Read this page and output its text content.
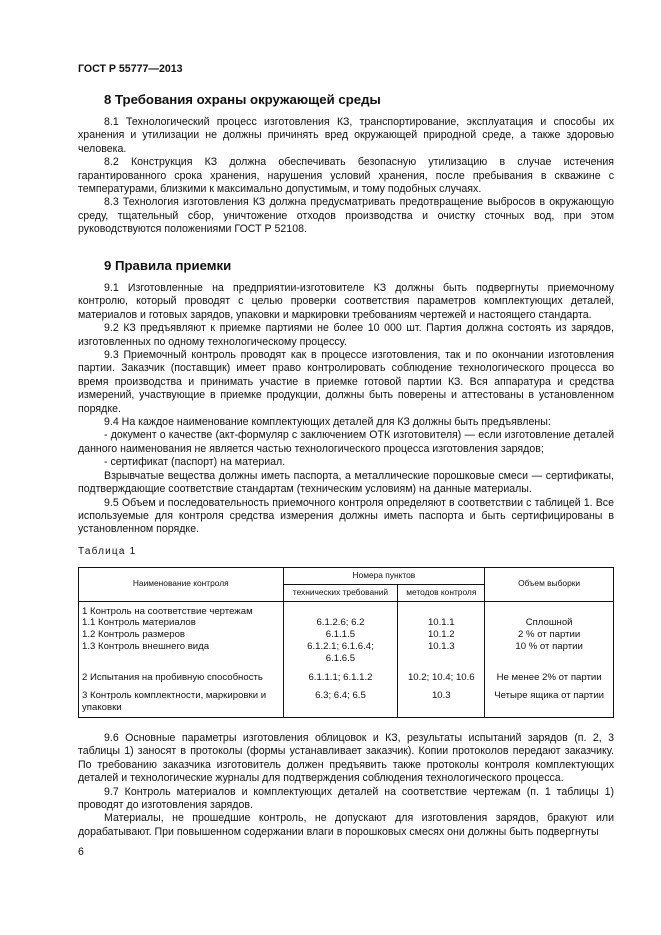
ГОСТ Р 55777—2013
8 Требования охраны окружающей среды

8.1 Технологический процесс изготовления КЗ, транспортирование, эксплуатация и способы их хранения и утилизации не должны причинять вред окружающей природной среде, а также здоровью человека.

8.2 Конструкция КЗ должна обеспечивать безопасную утилизацию в случае истечения гарантированного срока хранения, нарушения условий хранения, после пребывания в скважине с температурами, близкими к максимально допустимым, и тому подобных случаях.

8.3 Технология изготовления КЗ должна предусматривать предотвращение выбросов в окружающую среду, тщательный сбор, уничтожение отходов производства и очистку сточных вод, при этом руководствуются положениями ГОСТ Р 52108.

9 Правила приемки

9.1 Изготовленные на предприятии-изготовителе КЗ должны быть подвергнуты приемочному контролю, который проводят с целью проверки соответствия параметров комплектующих деталей, материалов и готовых зарядов, упаковки и маркировки требованиям чертежей и настоящего стандарта.

9.2 КЗ предъявляют к приемке партиями не более 10 000 шт. Партия должна состоять из зарядов, изготовленных по одному технологическому процессу.

9.3 Приемочный контроль проводят как в процессе изготовления, так и по окончании изготовления партии. Заказчик (поставщик) имеет право контролировать соблюдение технологического процесса во время производства и принимать участие в приемке готовой партии КЗ. Вся аппаратура и средства измерений, участвующие в приемке продукции, должны быть поверены и аттестованы в установленном порядке.

9.4 На каждое наименование комплектующих деталей для КЗ должны быть предъявлены:

- документ о качестве (акт-формуляр с заключением ОТК изготовителя) — если изготовление деталей данного наименования не является частью технологического процесса изготовления зарядов;

- сертификат (паспорт) на материал.

Взрывчатые вещества должны иметь паспорта, а металлические порошковые смеси — сертификаты, подтверждающие соответствие стандартам (техническим условиям) на данные материалы.

9.5 Объем и последовательность приемочного контроля определяют в соответствии с таблицей 1. Все используемые для контроля средства измерения должны иметь паспорта и быть сертифицированы в установленном порядке.

Таблица 1
Наименование контроля	Номера пунктов		Объем выборки
	технических требований	методов контроля	
1 Контроль на соответствие чертежам			
1.1 Контроль материалов	6.1.2.6; 6.2	10.1.1	Сплошной
1.2 Контроль размеров	6.1.1.5	10.1.2	2 % от партии
1.3 Контроль внешнего вида	6.1.2.1; 6.1.6.4; 6.1.6.5	10.1.3	10 % от партии
2 Испытания на пробивную способность	6.1.1.1; 6.1.1.2	10.2; 10.4; 10.6	Не менее 2% от партии
3 Контроль комплектности, маркировки и упаковки	6.3; 6.4; 6.5	10.3	Четыре ящика от партии

9.6 Основные параметры изготовления облицовок и КЗ, результаты испытаний зарядов (п. 2, 3 таблицы 1) заносят в протоколы (формы устанавливает заказчик). Копии протоколов передают заказчику. По требованию заказчика изготовитель должен предъявить также протоколы контроля комплектующих деталей и технологические журналы для подтверждения соблюдения технологического процесса.

9.7 Контроль материалов и комплектующих деталей на соответствие чертежам (п. 1 таблицы 1) проводят до изготовления зарядов.

Материалы, не прошедшие контроль, не допускают для изготовления зарядов, бракуют или дорабатывают. При повышенном содержании влаги в порошковых смесях они должны быть подвергнуты

6
